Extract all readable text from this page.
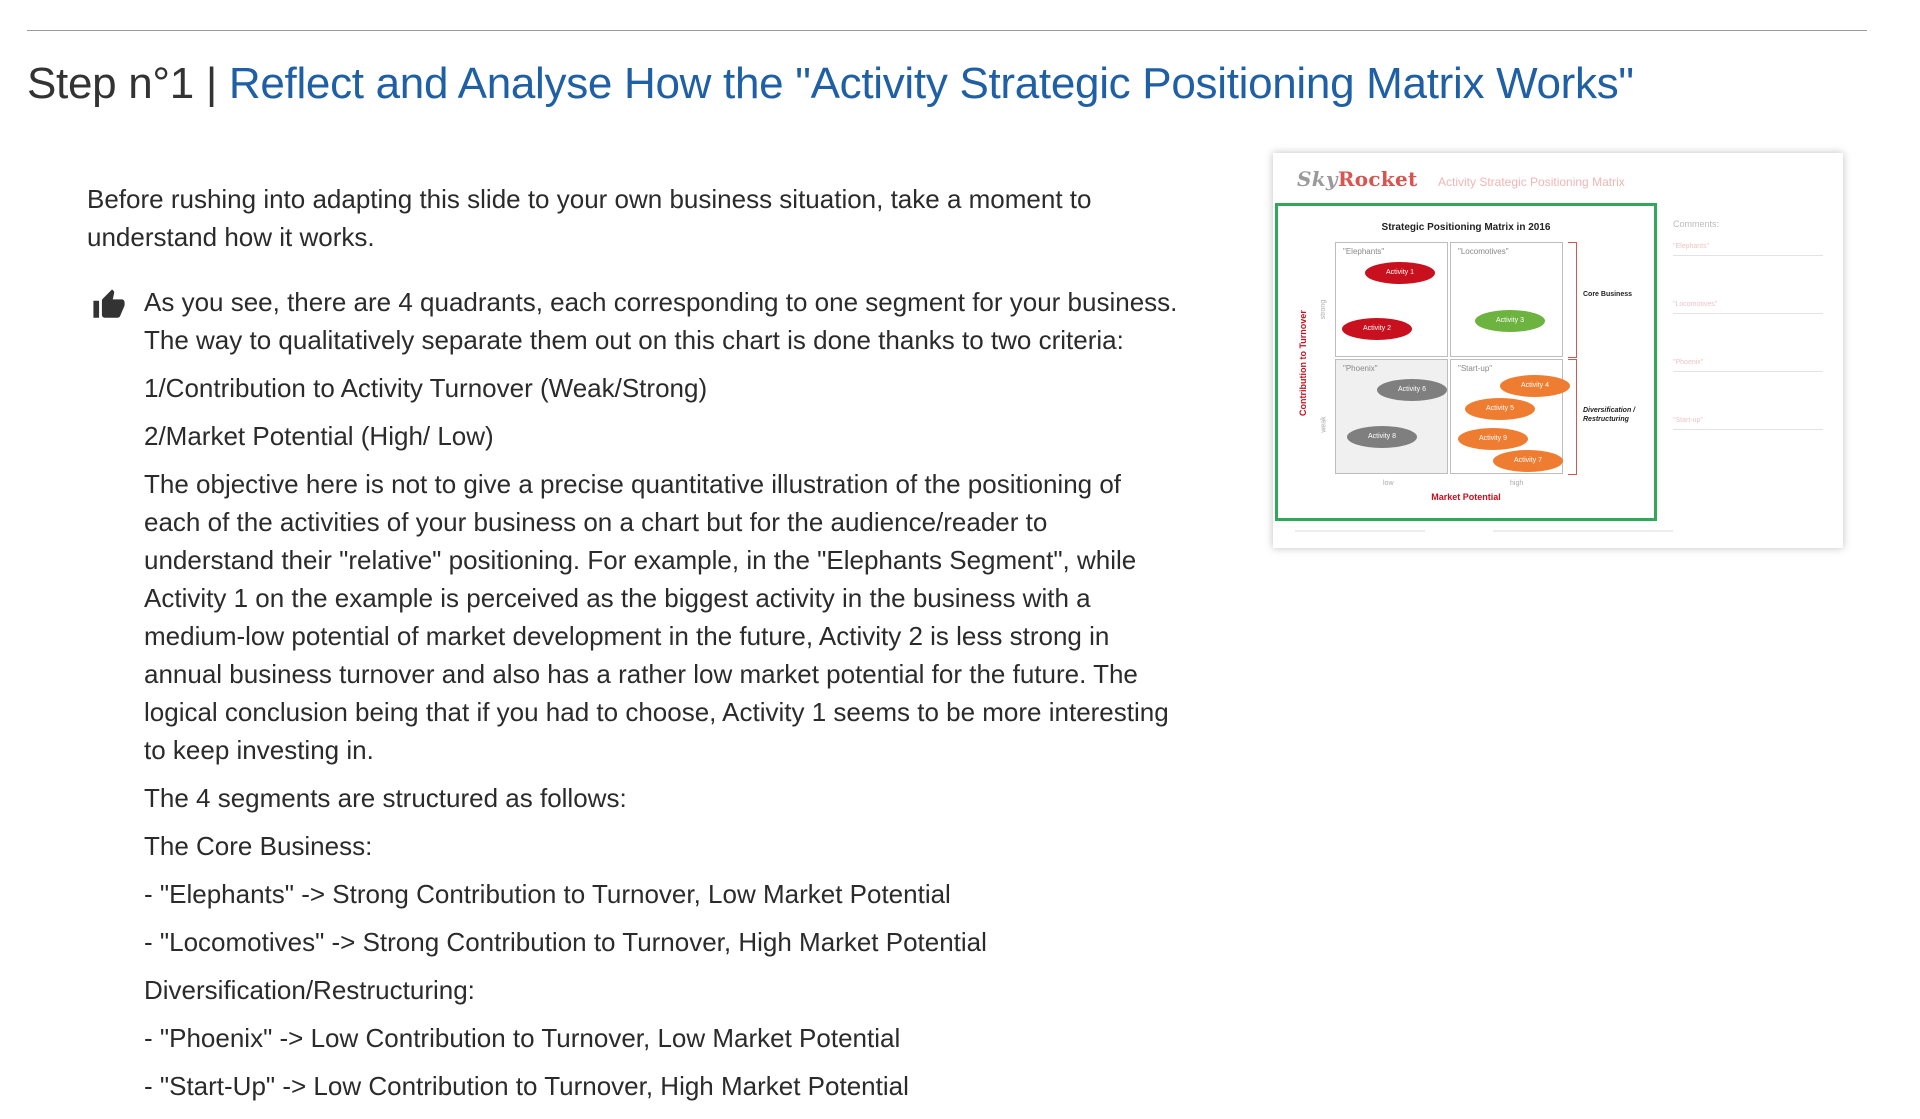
Step n°1 | Reflect and Analyse How the "Activity Strategic Positioning Matrix Works"

Before rushing into adapting this slide to your own business situation, take a moment to understand how it works.

As you see, there are 4 quadrants, each corresponding to one segment for your business. The way to qualitatively separate them out on this chart is done thanks to two criteria:

1/Contribution to Activity Turnover (Weak/Strong)

2/Market Potential (High/ Low)

The objective here is not to give a precise quantitative illustration of the positioning of each of the activities of your business on a chart but for the audience/reader to understand their "relative" positioning. For example, in the "Elephants Segment", while Activity 1 on the example is perceived as the biggest activity in the business with a medium-low potential of market development in the future, Activity 2 is less strong in annual business turnover and also has a rather low market potential for the future. The logical conclusion being that if you had to choose, Activity 1 seems to be more interesting to keep investing in.

The 4 segments are structured as follows:

The Core Business:

- "Elephants" -> Strong Contribution to Turnover, Low Market Potential

- "Locomotives" -> Strong Contribution to Turnover, High Market Potential

Diversification/Restructuring:

- "Phoenix" -> Low Contribution to Turnover, Low Market Potential

- "Start-Up" -> Low Contribution to Turnover, High Market Potential

SkyRocket Activity Strategic Positioning Matrix
Strategic Positioning Matrix in 2016
Contribution to Turnover
strong
weak
"Elephants"	"Locomotives"
"Phoenix"	"Start-up"
Activity 1
Activity 2
Activity 3
Activity 6
Activity 8
Activity 4
Activity 5
Activity 9
Activity 7
Core Business
Diversification / Restructuring
low	high
Market Potential
Comments:
"Elephants"
"Locomotives"
"Phoenix"
"Start-up"
